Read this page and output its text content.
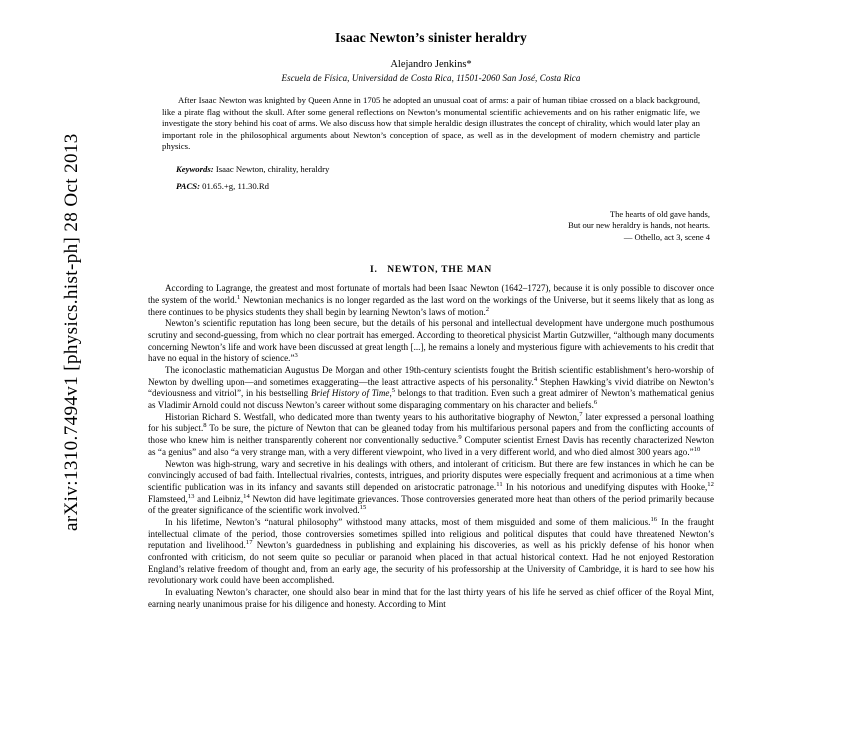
arXiv:1310.7494v1 [physics.hist-ph] 28 Oct 2013
Isaac Newton’s sinister heraldry
Alejandro Jenkins*
Escuela de Física, Universidad de Costa Rica, 11501-2060 San José, Costa Rica
After Isaac Newton was knighted by Queen Anne in 1705 he adopted an unusual coat of arms: a pair of human tibiae crossed on a black background, like a pirate flag without the skull. After some general reflections on Newton’s monumental scientific achievements and on his rather enigmatic life, we investigate the story behind his coat of arms. We also discuss how that simple heraldic design illustrates the concept of chirality, which would later play an important role in the philosophical arguments about Newton’s conception of space, as well as in the development of modern chemistry and particle physics.
Keywords: Isaac Newton, chirality, heraldry
PACS: 01.65.+g, 11.30.Rd
The hearts of old gave hands,
But our new heraldry is hands, not hearts.
— Othello, act 3, scene 4
I. NEWTON, THE MAN

According to Lagrange, the greatest and most fortunate of mortals had been Isaac Newton (1642–1727), because it is only possible to discover once the system of the world.$^1$ Newtonian mechanics is no longer regarded as the last word on the workings of the Universe, but it seems likely that as long as there continues to be physics students they shall begin by learning Newton’s laws of motion.$^2$

Newton’s scientific reputation has long been secure, but the details of his personal and intellectual development have undergone much posthumous scrutiny and second-guessing, from which no clear portrait has emerged. According to theoretical physicist Martin Gutzwiller, “although many documents concerning Newton’s life and work have been discussed at great length [...], he remains a lonely and mysterious figure with achievements to his credit that have no equal in the history of science.”$^3$

The iconoclastic mathematician Augustus De Morgan and other 19th-century scientists fought the British scientific establishment’s hero-worship of Newton by dwelling upon—and sometimes exaggerating—the least attractive aspects of his personality.$^4$ Stephen Hawking’s vivid diatribe on Newton’s “deviousness and vitriol”, in his bestselling Brief History of Time,$^5$ belongs to that tradition. Even such a great admirer of Newton’s mathematical genius as Vladimir Arnold could not discuss Newton’s career without some disparaging commentary on his character and beliefs.$^6$

Historian Richard S. Westfall, who dedicated more than twenty years to his authoritative biography of Newton,$^7$ later expressed a personal loathing for his subject.$^8$ To be sure, the picture of Newton that can be gleaned today from his multifarious personal papers and from the conflicting accounts of those who knew him is neither transparently coherent nor conventionally seductive.$^9$ Computer scientist Ernest Davis has recently characterized Newton as “a genius” and also “a very strange man, with a very different viewpoint, who lived in a very different world, and who died almost 300 years ago.”$^{10}$

Newton was high-strung, wary and secretive in his dealings with others, and intolerant of criticism. But there are few instances in which he can be convincingly accused of bad faith. Intellectual rivalries, contests, intrigues, and priority disputes were especially frequent and acrimonious at a time when scientific publication was in its infancy and savants still depended on aristocratic patronage.$^{11}$ In his notorious and unedifying disputes with Hooke,$^{12}$ Flamsteed,$^{13}$ and Leibniz,$^{14}$ Newton did have legitimate grievances. Those controversies generated more heat than others of the period primarily because of the greater significance of the scientific work involved.$^{15}$

In his lifetime, Newton’s “natural philosophy” withstood many attacks, most of them misguided and some of them malicious.$^{16}$ In the fraught intellectual climate of the period, those controversies sometimes spilled into religious and political disputes that could have threatened Newton’s reputation and livelihood.$^{17}$ Newton’s guardedness in publishing and explaining his discoveries, as well as his prickly defense of his honor when confronted with criticism, do not seem quite so peculiar or paranoid when placed in that actual historical context. Had he not enjoyed Restoration England’s relative freedom of thought and, from an early age, the security of his professorship at the University of Cambridge, it is hard to see how his revolutionary work could have been accomplished.

In evaluating Newton’s character, one should also bear in mind that for the last thirty years of his life he served as chief officer of the Royal Mint, earning nearly unanimous praise for his diligence and honesty. According to Mint
